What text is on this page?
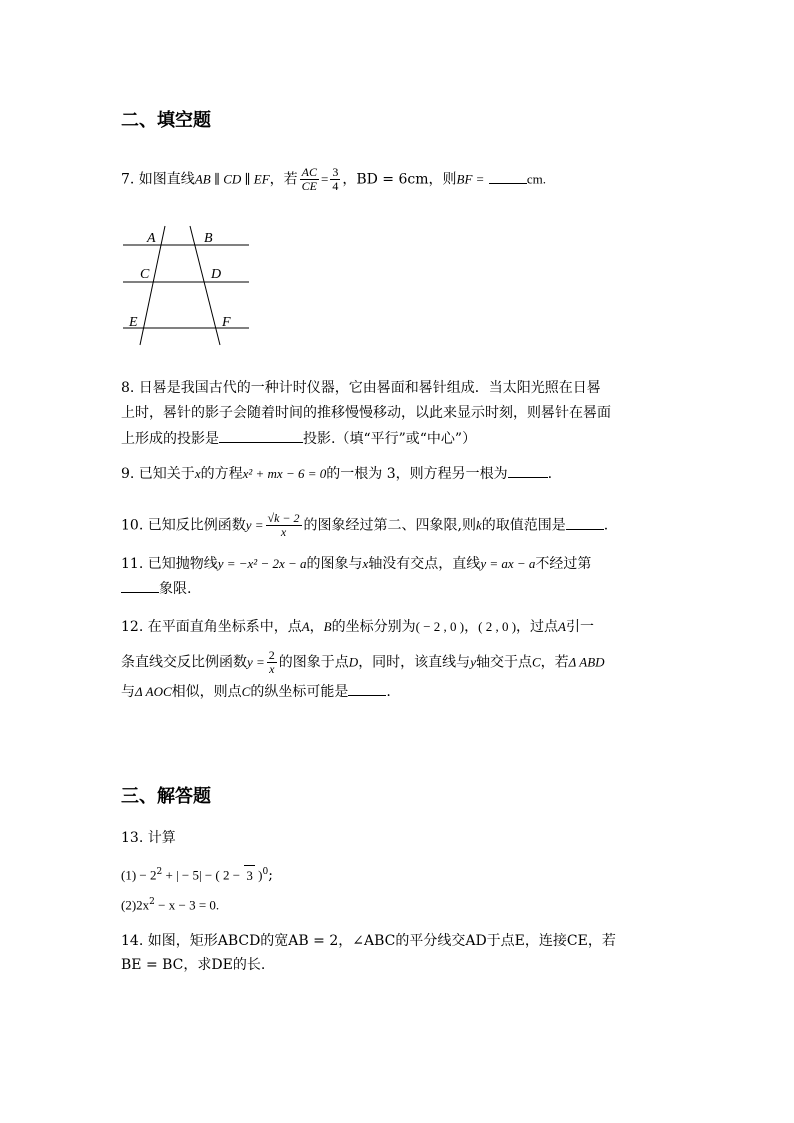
二、填空题
7. 如图直线AB ∥ CD ∥ EF，若 $\frac{AC}{CE} = \frac{3}{4}$ ，BD = 6cm，则BF =	cm.
A	B
C	D
E	F
8. 日晷是我国古代的一种计时仪器，它由晷面和晷针组成．当太阳光照在日晷
上时，晷针的影子会随着时间的推移慢慢移动，以此来显示时刻，则晷针在晷面
上形成的投影是	投影.（填“平行”或“中心”）
9. 已知关于x的方程x² + mx − 6 = 0的一根为 3，则方程另一根为	.
10. 已知反比例函数$y = \frac{√k - 2}{x}$ 的图象经过第二、四象限,则k的取值范围是	.
11. 已知抛物线y = −x² − 2x − a的图象与x轴没有交点，直线y = ax − a不经过第
象限.
12. 在平面直角坐标系中，点A，B的坐标分别为( − 2 , 0 )，( 2 , 0 )，过点A引一
条直线交反比例函数$y = \frac{2}{x}$ 的图象于点D，同时，该直线与y轴交于点C，若Δ ABD
与Δ AOC相似，则点C的纵坐标可能是	.
三、解答题
13. 计算
$(1) - 2^2$ + | − 5| − ( 2 − 3 )$^0$;
$(2)2x^2 - x - 3 = 0$.
14. 如图，矩形ABCD的宽AB = 2，∠ABC的平分线交AD于点E，连接CE，若
BE = BC，求DE的长.
